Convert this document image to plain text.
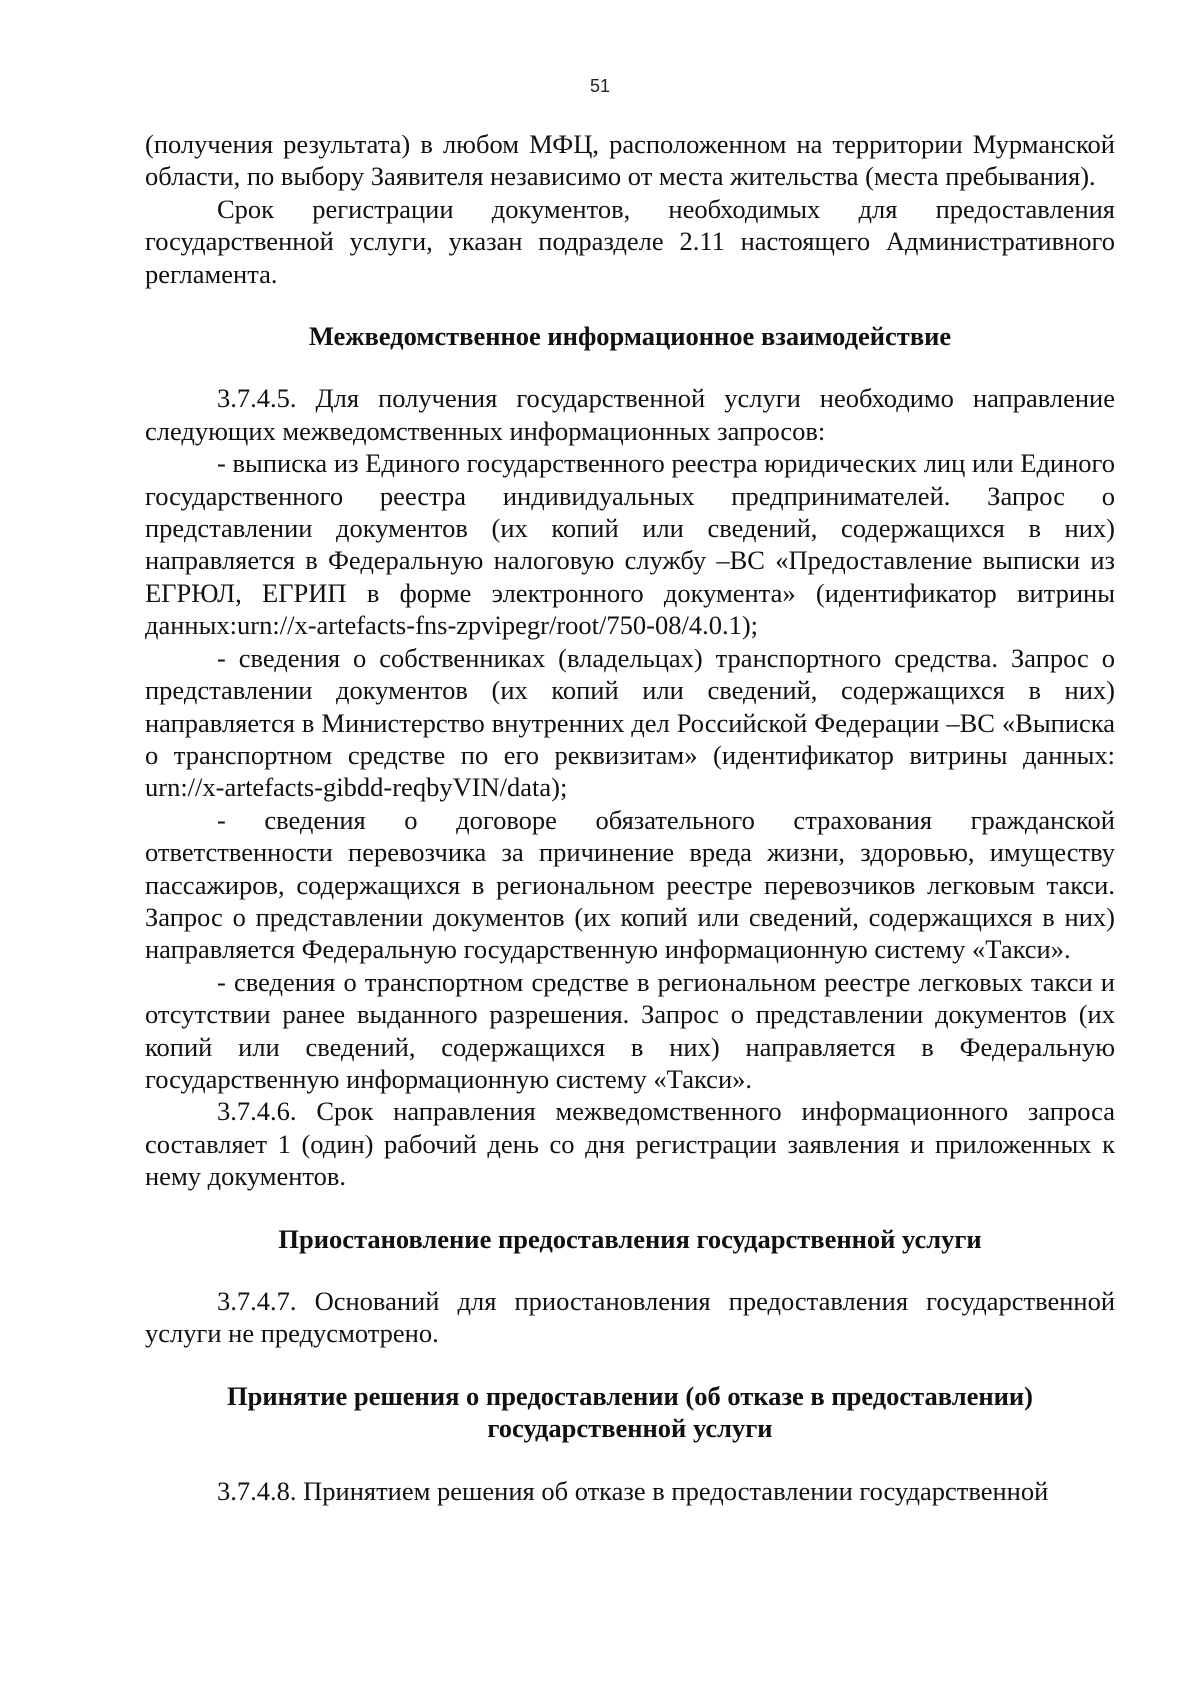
51

(получения результата) в любом МФЦ, расположенном на территории Мурманской области, по выбору Заявителя независимо от места жительства (места пребывания).

Срок регистрации документов, необходимых для предоставления государственной услуги, указан подразделе 2.11 настоящего Административного регламента.

Межведомственное информационное взаимодействие

3.7.4.5. Для получения государственной услуги необходимо направление следующих межведомственных информационных запросов:

- выписка из Единого государственного реестра юридических лиц или Единого государственного реестра индивидуальных предпринимателей. Запрос о представлении документов (их копий или сведений, содержащихся в них) направляется в Федеральную налоговую службу –ВС «Предоставление выписки из ЕГРЮЛ, ЕГРИП в форме электронного документа» (идентификатор витрины данных:urn://x-artefacts-fns-zpvipegr/root/750-08/4.0.1);

- сведения о собственниках (владельцах) транспортного средства. Запрос о представлении документов (их копий или сведений, содержащихся в них) направляется в Министерство внутренних дел Российской Федерации –ВС «Выписка о транспортном средстве по его реквизитам» (идентификатор витрины данных: urn://x-artefacts-gibdd-reqbyVIN/data);

- сведения о договоре обязательного страхования гражданской ответственности перевозчика за причинение вреда жизни, здоровью, имуществу пассажиров, содержащихся в региональном реестре перевозчиков легковым такси. Запрос о представлении документов (их копий или сведений, содержащихся в них) направляется Федеральную государственную информационную систему «Такси».

- сведения о транспортном средстве в региональном реестре легковых такси и отсутствии ранее выданного разрешения. Запрос о представлении документов (их копий или сведений, содержащихся в них) направляется в Федеральную государственную информационную систему «Такси».

3.7.4.6. Срок направления межведомственного информационного запроса составляет 1 (один) рабочий день со дня регистрации заявления и приложенных к нему документов.

Приостановление предоставления государственной услуги

3.7.4.7. Оснований для приостановления предоставления государственной услуги не предусмотрено.

Принятие решения о предоставлении (об отказе в предоставлении)
государственной услуги

3.7.4.8. Принятием решения об отказе в предоставлении государственной
